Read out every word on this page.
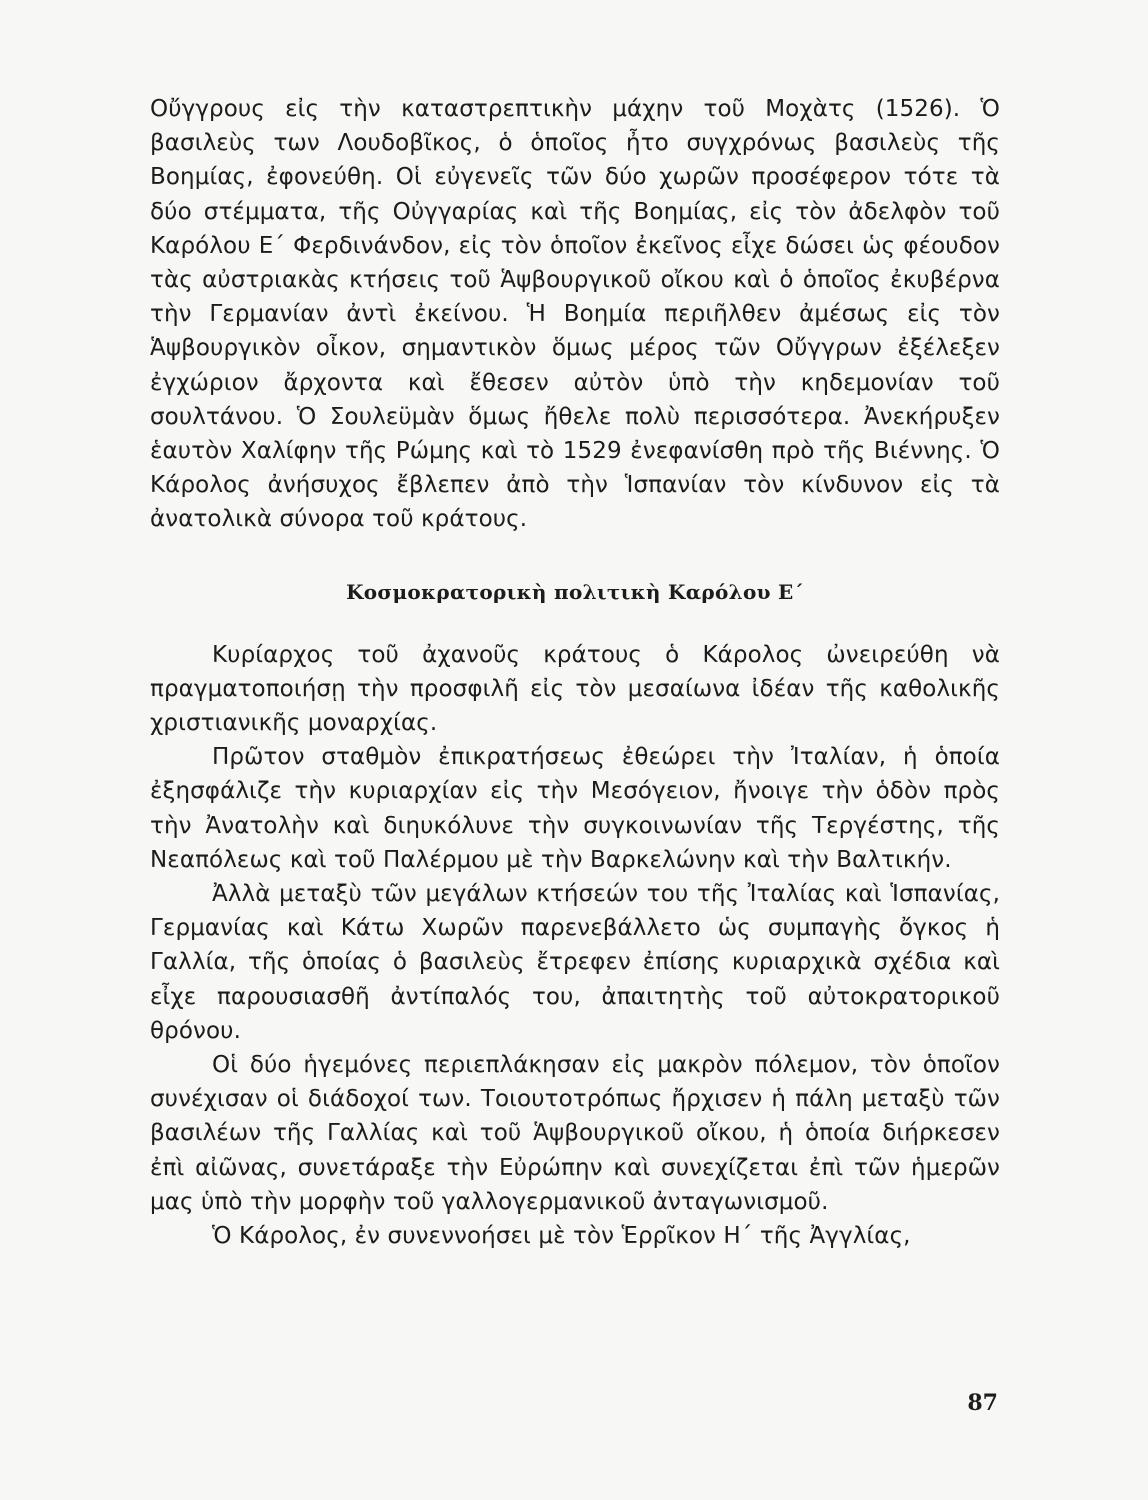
Οὔγγρους εἰς τὴν καταστρεπτικὴν μάχην τοῦ Μοχὰτς (1526). Ὁ βασιλεὺς των Λουδοβῖκος, ὁ ὁποῖος ἦτο συγχρόνως βασιλεὺς τῆς Βοημίας, ἐφονεύθη. Οἱ εὐγενεῖς τῶν δύο χωρῶν προσέφερον τότε τὰ δύο στέμματα, τῆς Οὐγγαρίας καὶ τῆς Βοημίας, εἰς τὸν ἀδελφὸν τοῦ Καρόλου Ε΄ Φερδινάνδον, εἰς τὸν ὁποῖον ἐκεῖνος εἶχε δώσει ὡς φέουδον τὰς αὐστριακὰς κτήσεις τοῦ Ἁψβουργικοῦ οἴκου καὶ ὁ ὁποῖος ἐκυβέρνα τὴν Γερμανίαν ἀντὶ ἐκείνου. Ἡ Βοημία περιῆλθεν ἀμέσως εἰς τὸν Ἁψβουργικὸν οἶκον, σημαντικὸν ὅμως μέρος τῶν Οὔγγρων ἐξέλεξεν ἐγχώριον ἄρχοντα καὶ ἔθεσεν αὐτὸν ὑπὸ τὴν κηδεμονίαν τοῦ σουλτάνου. Ὁ Σουλεϋμὰν ὅμως ἤθελε πολὺ περισσότερα. Ἀνεκήρυξεν ἑαυτὸν Χαλίφην τῆς Ρώμης καὶ τὸ 1529 ἐνεφανίσθη πρὸ τῆς Βιέννης. Ὁ Κάρολος ἀνήσυχος ἔβλεπεν ἀπὸ τὴν Ἱσπανίαν τὸν κίνδυνον εἰς τὰ ἀνατολικὰ σύνορα τοῦ κράτους.

Κοσμοκρατορικὴ πολιτικὴ Καρόλου Ε΄

Κυρίαρχος τοῦ ἀχανοῦς κράτους ὁ Κάρολος ὠνειρεύθη νὰ πραγματοποιήσῃ τὴν προσφιλῆ εἰς τὸν μεσαίωνα ἰδέαν τῆς καθολικῆς χριστιανικῆς μοναρχίας.

Πρῶτον σταθμὸν ἐπικρατήσεως ἐθεώρει τὴν Ἰταλίαν, ἡ ὁποία ἐξησφάλιζε τὴν κυριαρχίαν εἰς τὴν Μεσόγειον, ἤνοιγε τὴν ὁδὸν πρὸς τὴν Ἀνατολὴν καὶ διηυκόλυνε τὴν συγκοινωνίαν τῆς Τεργέστης, τῆς Νεαπόλεως καὶ τοῦ Παλέρμου μὲ τὴν Βαρκελώνην καὶ τὴν Βαλτικήν.

Ἀλλὰ μεταξὺ τῶν μεγάλων κτήσεών του τῆς Ἰταλίας καὶ Ἱσπανίας, Γερμανίας καὶ Κάτω Χωρῶν παρενεβάλλετο ὡς συμπαγὴς ὄγκος ἡ Γαλλία, τῆς ὁποίας ὁ βασιλεὺς ἔτρεφεν ἐπίσης κυριαρχικὰ σχέδια καὶ εἶχε παρουσιασθῆ ἀντίπαλός του, ἀπαιτητὴς τοῦ αὐτοκρατορικοῦ θρόνου.

Οἱ δύο ἡγεμόνες περιεπλάκησαν εἰς μακρὸν πόλεμον, τὸν ὁποῖον συνέχισαν οἱ διάδοχοί των. Τοιουτοτρόπως ἤρχισεν ἡ πάλη μεταξὺ τῶν βασιλέων τῆς Γαλλίας καὶ τοῦ Ἁψβουργικοῦ οἴκου, ἡ ὁποία διήρκεσεν ἐπὶ αἰῶνας, συνετάραξε τὴν Εὐρώπην καὶ συνεχίζεται ἐπὶ τῶν ἡμερῶν μας ὑπὸ τὴν μορφὴν τοῦ γαλλογερμανικοῦ ἀνταγωνισμοῦ.

Ὁ Κάρολος, ἐν συνεννοήσει μὲ τὸν Ἑρρῖκον Η΄ τῆς Ἀγγλίας,

87
